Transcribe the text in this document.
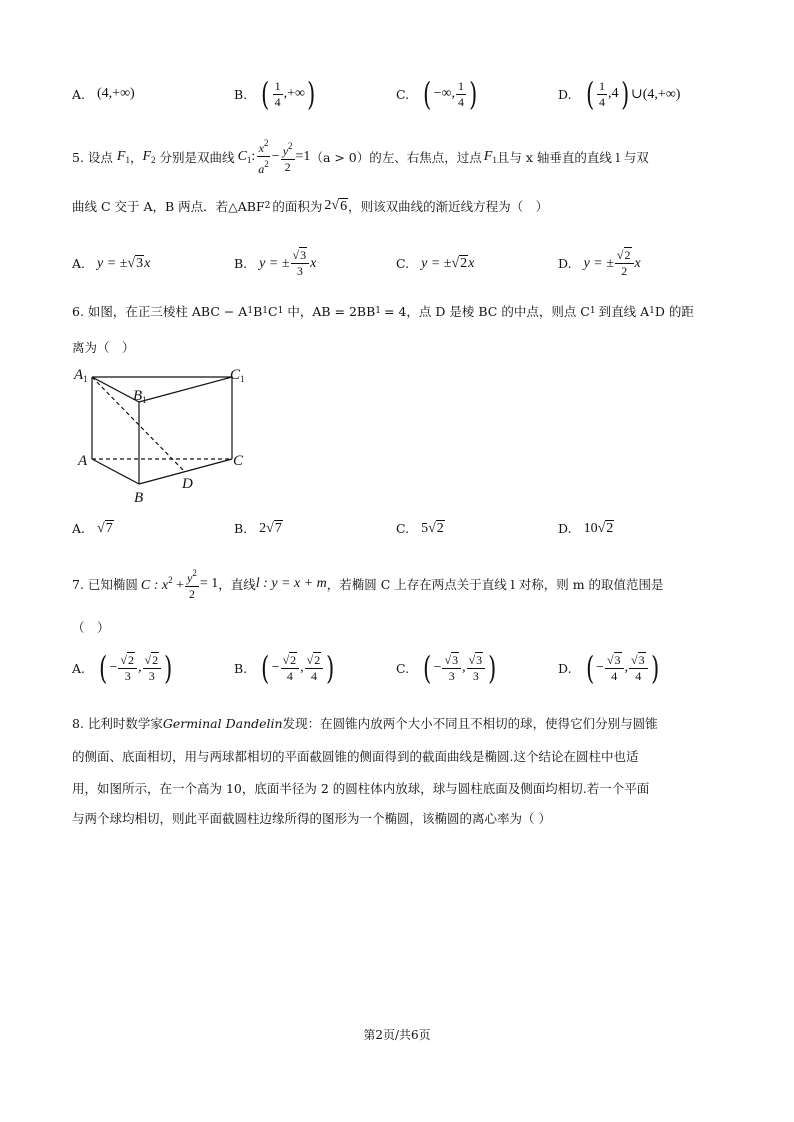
A. (4,+∞)	B. ( $\frac{1}{4}$ ,+∞ )	C. ( −∞, $\frac{1}{4}$ )	D. ( $\frac{1}{4} ,4$ ) ∪(4,+∞)
5. 设点 $F_1$ ， $F_2$ 分别是双曲线 $C_1$: $\frac{x^2}{a^2} - \frac{y^2}{2} =1$ （a > 0） 的左、右焦点，过点 $F_1$ 且与 x 轴垂直的直线 l 与双
曲线 C 交于 A，B 两点．若△ABF 2 的面积为 2 √ 6 ，则该双曲线的渐近线方程为（　）
A. y = ± √ 3 x	B. y = ± $\frac{√3}{3}$ x	C. y = ± √ 2 x	D. y = ± $\frac{√2}{2}$ x
6. 如图，在正三棱柱 ABC − A 1 B 1 C 1 中，AB = 2BB 1 = 4，点 D 是棱 BC 的中点，则点 C 1 到直线 A 1 D 的距
离为（　）
$A_1$
$B_1$
$C_1$
A
B
C
D
A. √ 7	B. 2 √ 7	C. 5 √ 2	D. 10 √ 2
7. 已知椭圆 C : $x^2 + \frac{y^2}{2} = 1$ ，直线 l : y = x + m ，若椭圆 C 上存在两点关于直线 l 对称，则 m 的取值范围是
（　）
A. ( − $\frac{√2}{3}$ , $\frac{√2}{3}$ )	B. ( − $\frac{√2}{4}$ , $\frac{√2}{4}$ )	C. ( − $\frac{√3}{3}$ , $\frac{√3}{3}$ )	D. ( − $\frac{√3}{4}$ , $\frac{√3}{4}$ )
8. 比利时数学家 Germinal Dandelin 发现：在圆锥内放两个大小不同且不相切的球，使得它们分别与圆锥
的侧面、底面相切，用与两球都相切的平面截圆锥的侧面得到的截面曲线是椭圆.这个结论在圆柱中也适
用，如图所示，在一个高为 10，底面半径为 2 的圆柱体内放球，球与圆柱底面及侧面均相切.若一个平面
与两个球均相切，则此平面截圆柱边缘所得的图形为一个椭圆，该椭圆的离心率为（ ）
第2页/共6页
